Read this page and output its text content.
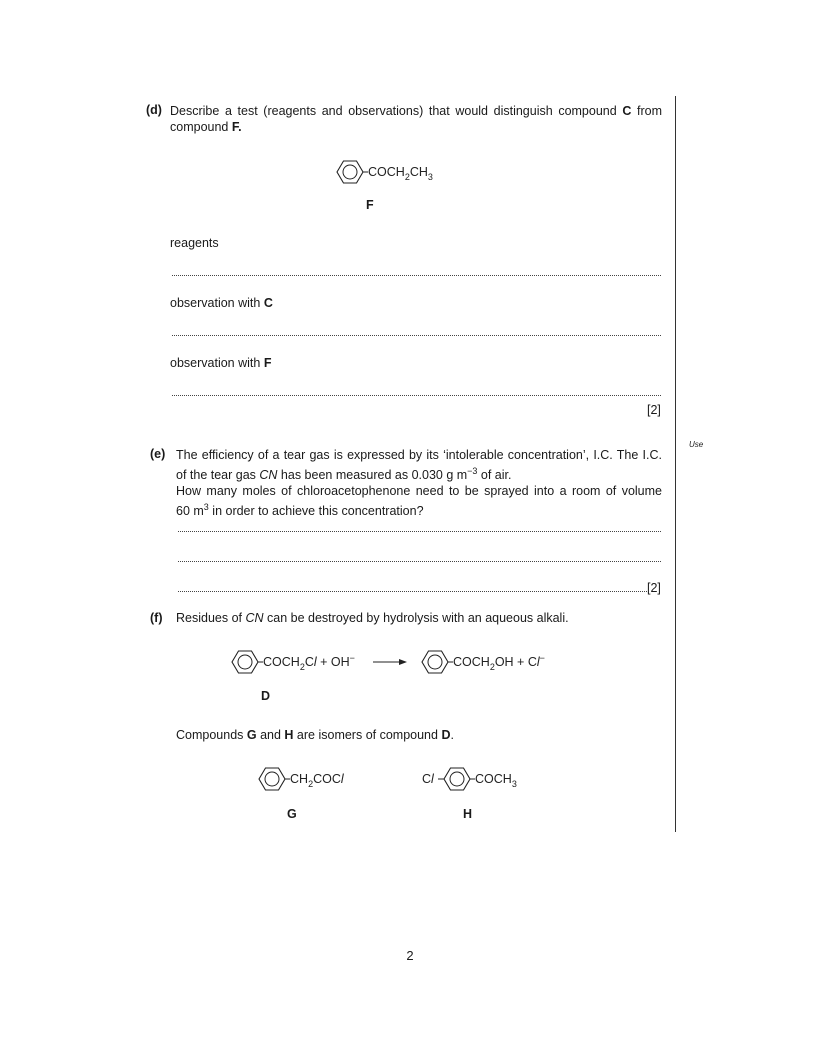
Use
(d) Describe a test (reagents and observations) that would distinguish compound C from
compound F.
$COCH_2CH_3$
F
reagents
observation with C
observation with F
[2]
(e) The efficiency of a tear gas is expressed by its ‘intolerable concentration’, I.C. The I.C.
of the tear gas CN has been measured as 0.030 g $m^{-3}$ of air.
How many moles of chloroacetophenone need to be sprayed into a room of volume
60 $m^3$ in order to achieve this concentration?
[2]
(f) Residues of CN can be destroyed by hydrolysis with an aqueous alkali.
$COCH_2Cl + OH^-$	$COCH_2OH + Cl^-$
D
Compounds G and H are isomers of compound D.
$CH_2COCl$
G
Cl	$COCH_3$
H
2
